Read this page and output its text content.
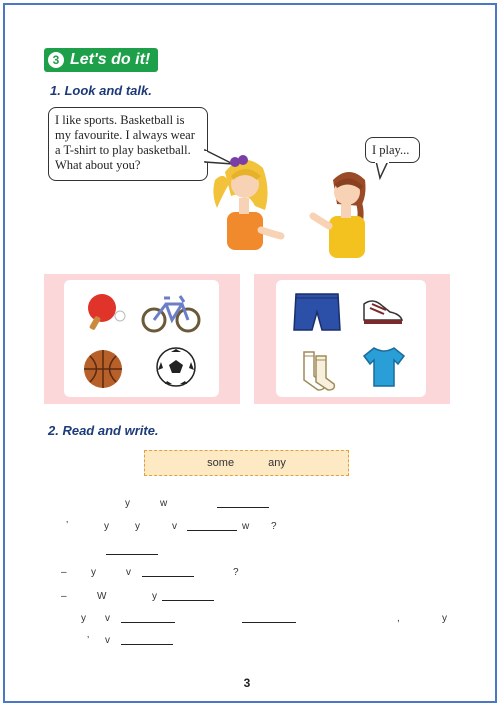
3 Let's do it!
1. Look and talk.
I like sports. Basketball is
my favourite. I always wear
a T-shirt to play basketball.
What about you?
I play...
2. Read and write.
some	any
y	w
’	y	y	v	w ?
– y	v	?
–	W	y
y v	,	y
’ v
3
